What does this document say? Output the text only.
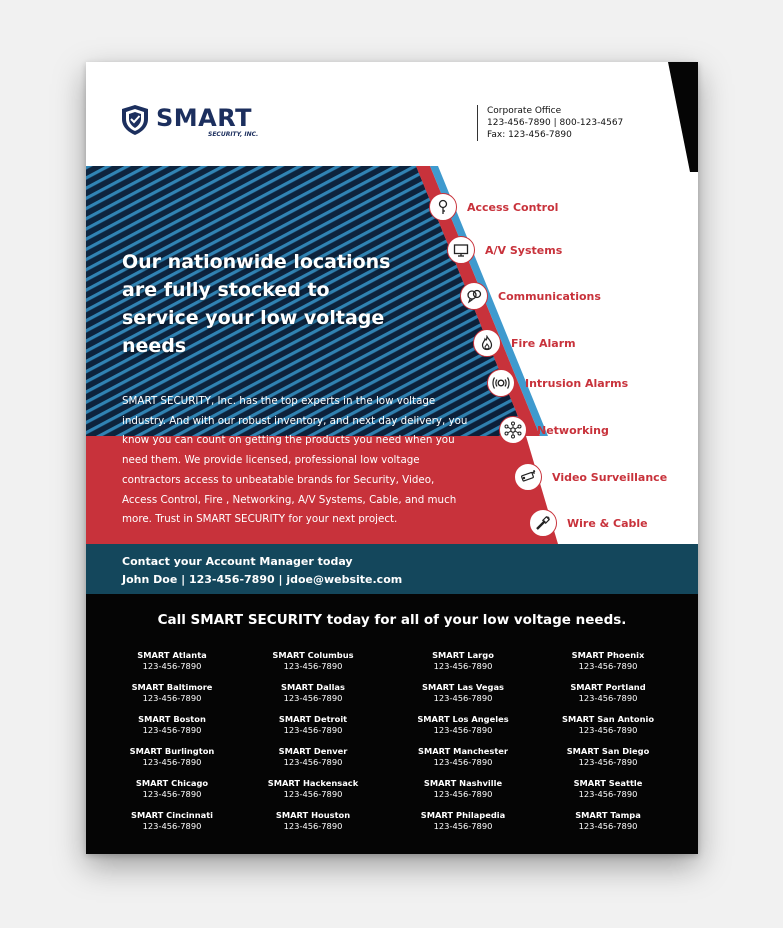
SMART
SECURITY, INC.
Corporate Office
123-456-7890 | 800-123-4567
Fax: 123-456-7890
Our nationwide locations are fully stocked to service your low voltage needs
SMART SECURITY, Inc. has the top experts in the low voltage industry. And with our robust inventory, and next day delivery, you know you can count on getting the products you need when you need them. We provide licensed, professional low voltage contractors access to unbeatable brands for Security, Video, Access Control, Fire , Networking, A/V Systems, Cable, and much more. Trust in SMART SECURITY for your next project.
Access Control
A/V Systems
Communications
Fire Alarm
Intrusion Alarms
Networking
Video Surveillance
Wire & Cable
Contact your Account Manager today
John Doe | 123-456-7890 | jdoe@website.com
Call SMART SECURITY today for all of your low voltage needs.
SMART Atlanta
123-456-7890
SMART Baltimore
123-456-7890
SMART Boston
123-456-7890
SMART Burlington
123-456-7890
SMART Chicago
123-456-7890
SMART Cincinnati
123-456-7890
SMART Columbus
123-456-7890
SMART Dallas
123-456-7890
SMART Detroit
123-456-7890
SMART Denver
123-456-7890
SMART Hackensack
123-456-7890
SMART Houston
123-456-7890
SMART Largo
123-456-7890
SMART Las Vegas
123-456-7890
SMART Los Angeles
123-456-7890
SMART Manchester
123-456-7890
SMART Nashville
123-456-7890
SMART Philapedia
123-456-7890
SMART Phoenix
123-456-7890
SMART Portland
123-456-7890
SMART San Antonio
123-456-7890
SMART San Diego
123-456-7890
SMART Seattle
123-456-7890
SMART Tampa
123-456-7890
